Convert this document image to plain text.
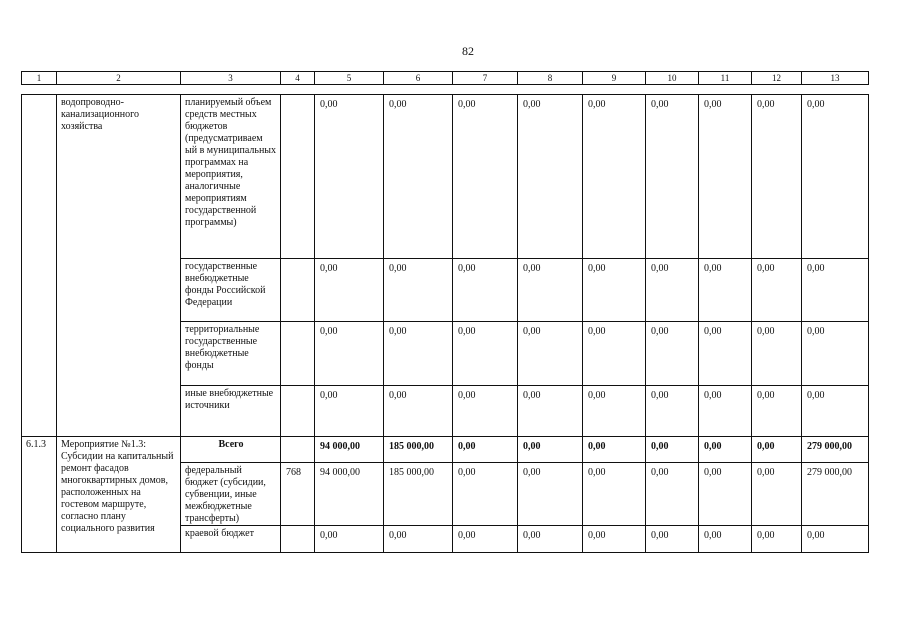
82
1	2	3	4	5	6	7	8	9	10	11	12	13
	водопроводно-канализационного хозяйства	планируемый объем средств местных бюджетов (предусматриваем ый в муниципальных программах на мероприятия, аналогичные мероприятиям государственной программы)		0,00	0,00	0,00	0,00	0,00	0,00	0,00	0,00	0,00
		государственные внебюджетные фонды Российской Федерации		0,00	0,00	0,00	0,00	0,00	0,00	0,00	0,00	0,00
		территориальные государственные внебюджетные фонды		0,00	0,00	0,00	0,00	0,00	0,00	0,00	0,00	0,00
		иные внебюджетные источники		0,00	0,00	0,00	0,00	0,00	0,00	0,00	0,00	0,00
6.1.3	Мероприятие №1.3: Субсидии на капитальный ремонт фасадов многоквартирных домов, расположенных на гостевом маршруте, согласно плану социального развития	Всего		94 000,00	185 000,00	0,00	0,00	0,00	0,00	0,00	0,00	279 000,00
		федеральный бюджет (субсидии, субвенции, иные межбюджетные трансферты)	768	94 000,00	185 000,00	0,00	0,00	0,00	0,00	0,00	0,00	279 000,00
		краевой бюджет		0,00	0,00	0,00	0,00	0,00	0,00	0,00	0,00	0,00
